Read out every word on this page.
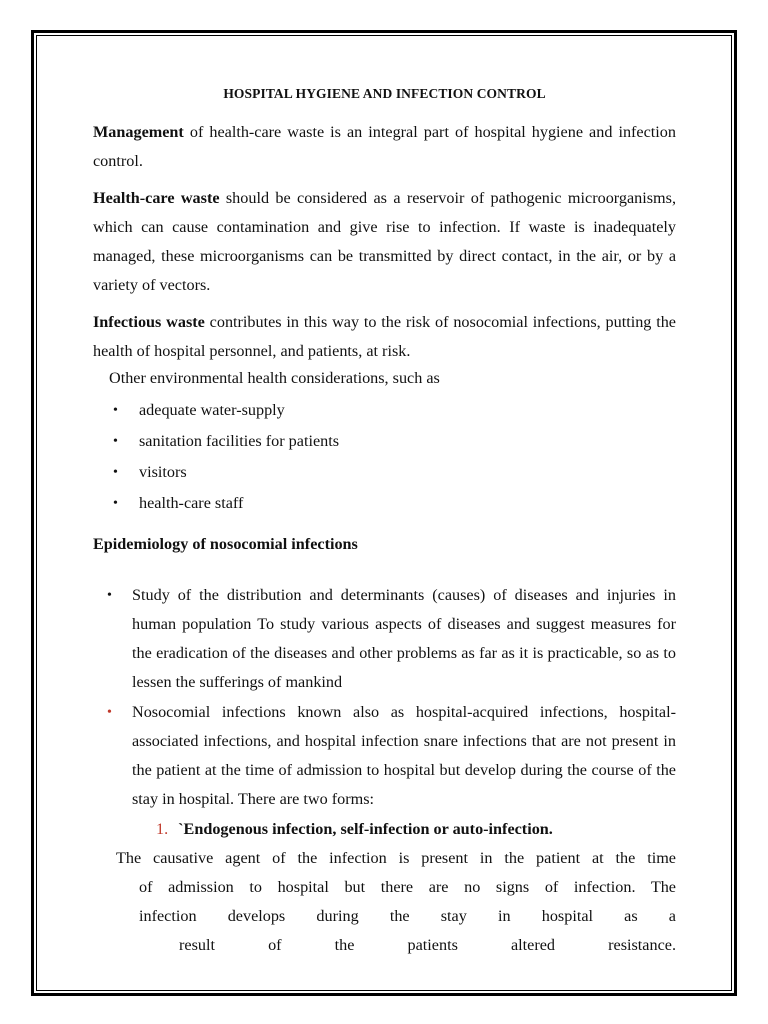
HOSPITAL HYGIENE AND INFECTION CONTROL

Management of health-care waste is an integral part of hospital hygiene and infection control.

Health-care waste should be considered as a reservoir of pathogenic microorganisms, which can cause contamination and give rise to infection. If waste is inadequately managed, these microorganisms can be transmitted by direct contact, in the air, or by a variety of vectors.

Infectious waste contributes in this way to the risk of nosocomial infections, putting the health of hospital personnel, and patients, at risk.

Other environmental health considerations, such as

• adequate water-supply
• sanitation facilities for patients
• visitors
• health-care staff

Epidemiology of nosocomial infections

• Study of the distribution and determinants (causes) of diseases and injuries in human population To study various aspects of diseases and suggest measures for the eradication of the diseases and other problems as far as it is practicable, so as to lessen the sufferings of mankind
• Nosocomial infections known also as hospital-acquired infections, hospital- associated infections, and hospital infection snare infections that are not present in the patient at the time of admission to hospital but develop during the course of the stay in hospital. There are two forms:

1. `Endogenous infection, self-infection or auto-infection.

The causative agent of the infection is present in the patient at the time

of admission to hospital but there are no signs of infection. The

infection develops during the stay in hospital as a

result of the patients altered resistance.
